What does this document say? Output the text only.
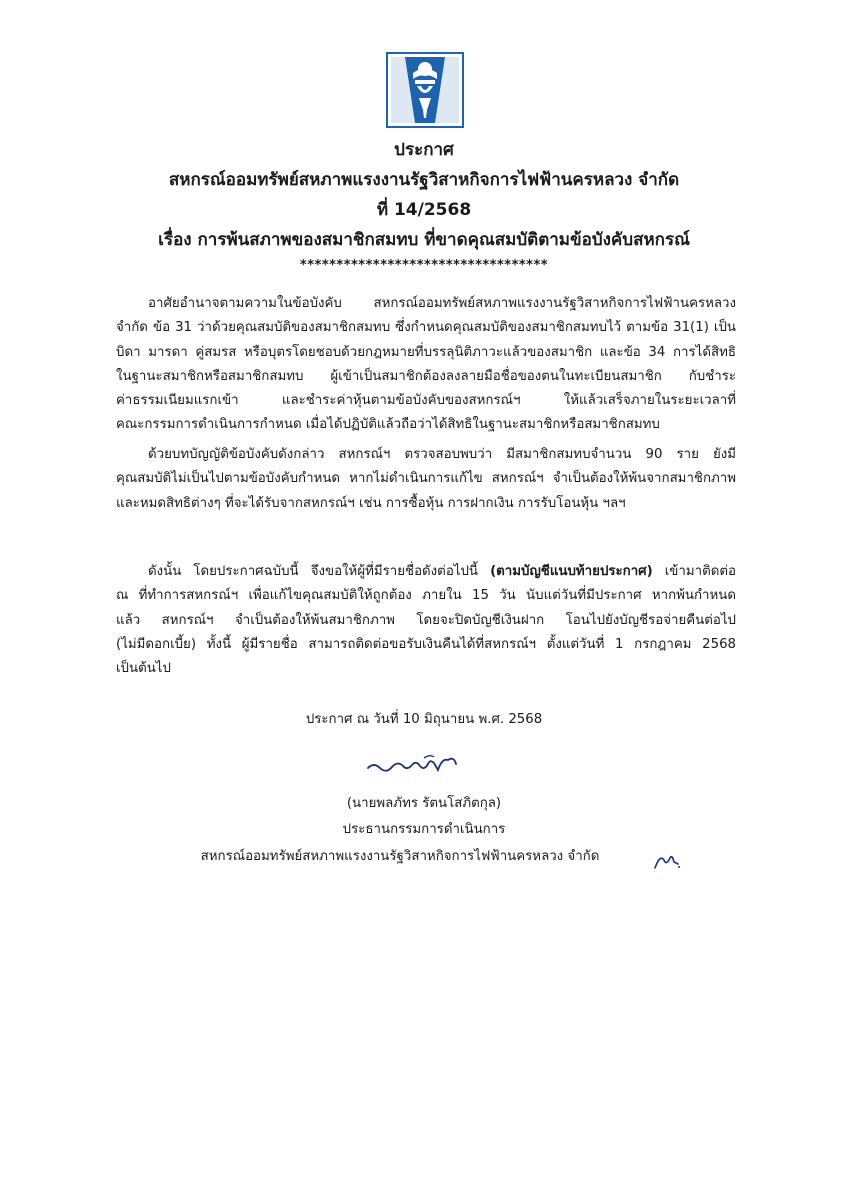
ประกาศ
สหกรณ์ออมทรัพย์สหภาพแรงงานรัฐวิสาหกิจการไฟฟ้านครหลวง จำกัด
ที่ 14/2568
เรื่อง การพ้นสภาพของสมาชิกสมทบ ที่ขาดคุณสมบัติตามข้อบังคับสหกรณ์
**********************************
อาศัยอำนาจตามความในข้อบังคับ สหกรณ์ออมทรัพย์สหภาพแรงงานรัฐวิสาหกิจการไฟฟ้านครหลวง
จำกัด ข้อ 31 ว่าด้วยคุณสมบัติของสมาชิกสมทบ ซึ่งกำหนดคุณสมบัติของสมาชิกสมทบไว้ ตามข้อ 31(1) เป็น
บิดา มารดา คู่สมรส หรือบุตรโดยชอบด้วยกฎหมายที่บรรลุนิติภาวะแล้วของสมาชิก และข้อ 34 การได้สิทธิ
ในฐานะสมาชิกหรือสมาชิกสมทบ ผู้เข้าเป็นสมาชิกต้องลงลายมือชื่อของตนในทะเบียนสมาชิก กับชำระ
ค่าธรรมเนียมแรกเข้า และชำระค่าหุ้นตามข้อบังคับของสหกรณ์ฯ ให้แล้วเสร็จภายในระยะเวลาที่
คณะกรรมการดำเนินการกำหนด เมื่อได้ปฏิบัติแล้วถือว่าได้สิทธิในฐานะสมาชิกหรือสมาชิกสมทบ
ด้วยบทบัญญัติข้อบังคับดังกล่าว สหกรณ์ฯ ตรวจสอบพบว่า มีสมาชิกสมทบจำนวน 90 ราย ยังมี
คุณสมบัติไม่เป็นไปตามข้อบังคับกำหนด หากไม่ดำเนินการแก้ไข สหกรณ์ฯ จำเป็นต้องให้พ้นจากสมาชิกภาพ
และหมดสิทธิต่างๆ ที่จะได้รับจากสหกรณ์ฯ เช่น การซื้อหุ้น การฝากเงิน การรับโอนหุ้น ฯลฯ
ดังนั้น โดยประกาศฉบับนี้ จึงขอให้ผู้ที่มีรายชื่อดังต่อไปนี้ (ตามบัญชีแนบท้ายประกาศ) เข้ามาติดต่อ
ณ ที่ทำการสหกรณ์ฯ เพื่อแก้ไขคุณสมบัติให้ถูกต้อง ภายใน 15 วัน นับแต่วันที่มีประกาศ หากพ้นกำหนด
แล้ว สหกรณ์ฯ จำเป็นต้องให้พ้นสมาชิกภาพ โดยจะปิดบัญชีเงินฝาก โอนไปยังบัญชีรอจ่ายคืนต่อไป
(ไม่มีดอกเบี้ย) ทั้งนี้ ผู้มีรายชื่อ สามารถติดต่อขอรับเงินคืนได้ที่สหกรณ์ฯ ตั้งแต่วันที่ 1 กรกฎาคม 2568
เป็นต้นไป
ประกาศ ณ วันที่ 10 มิถุนายน พ.ศ. 2568
(นายพลภัทร รัตนโสภิตกุล)
ประธานกรรมการดำเนินการ
สหกรณ์ออมทรัพย์สหภาพแรงงานรัฐวิสาหกิจการไฟฟ้านครหลวง จำกัด
